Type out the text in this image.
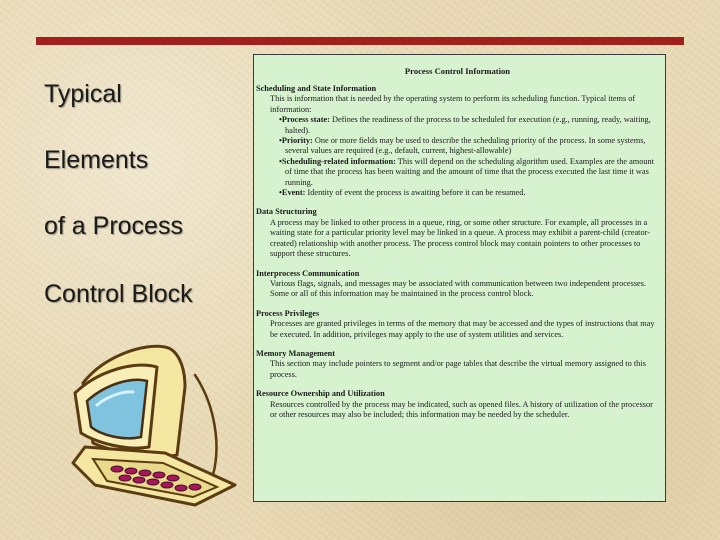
Typical
Elements
of a Process
Control Block
Process Control Information
Scheduling and State Information
This is information that is needed by the operating system to perform its scheduling function. Typical items of information:
•Process state: Defines the readiness of the process to be scheduled for execution (e.g., running, ready, waiting, halted).
•Priority: One or more fields may be used to describe the scheduling priority of the process. In some systems, several values are required (e.g., default, current, highest-allowable)
•Scheduling-related information: This will depend on the scheduling algorithm used. Examples are the amount of time that the process has been waiting and the amount of time that the process executed the last time it was running.
•Event: Identity of event the process is awaiting before it can be resumed.
Data Structuring
A process may be linked to other process in a queue, ring, or some other structure. For example, all processes in a waiting state for a particular priority level may be linked in a queue. A process may exhibit a parent-child (creator-created) relationship with another process. The process control block may contain pointers to other processes to support these structures.
Interprocess Communication
Various flags, signals, and messages may be associated with communication between two independent processes. Some or all of this information may be maintained in the process control block.
Process Privileges
Processes are granted privileges in terms of the memory that may be accessed and the types of instructions that may be executed. In addition, privileges may apply to the use of system utilities and services.
Memory Management
This section may include pointers to segment and/or page tables that describe the virtual memory assigned to this process.
Resource Ownership and Utilization
Resources controlled by the process may be indicated, such as opened files. A history of utilization of the processor or other resources may also be included; this information may be needed by the scheduler.
